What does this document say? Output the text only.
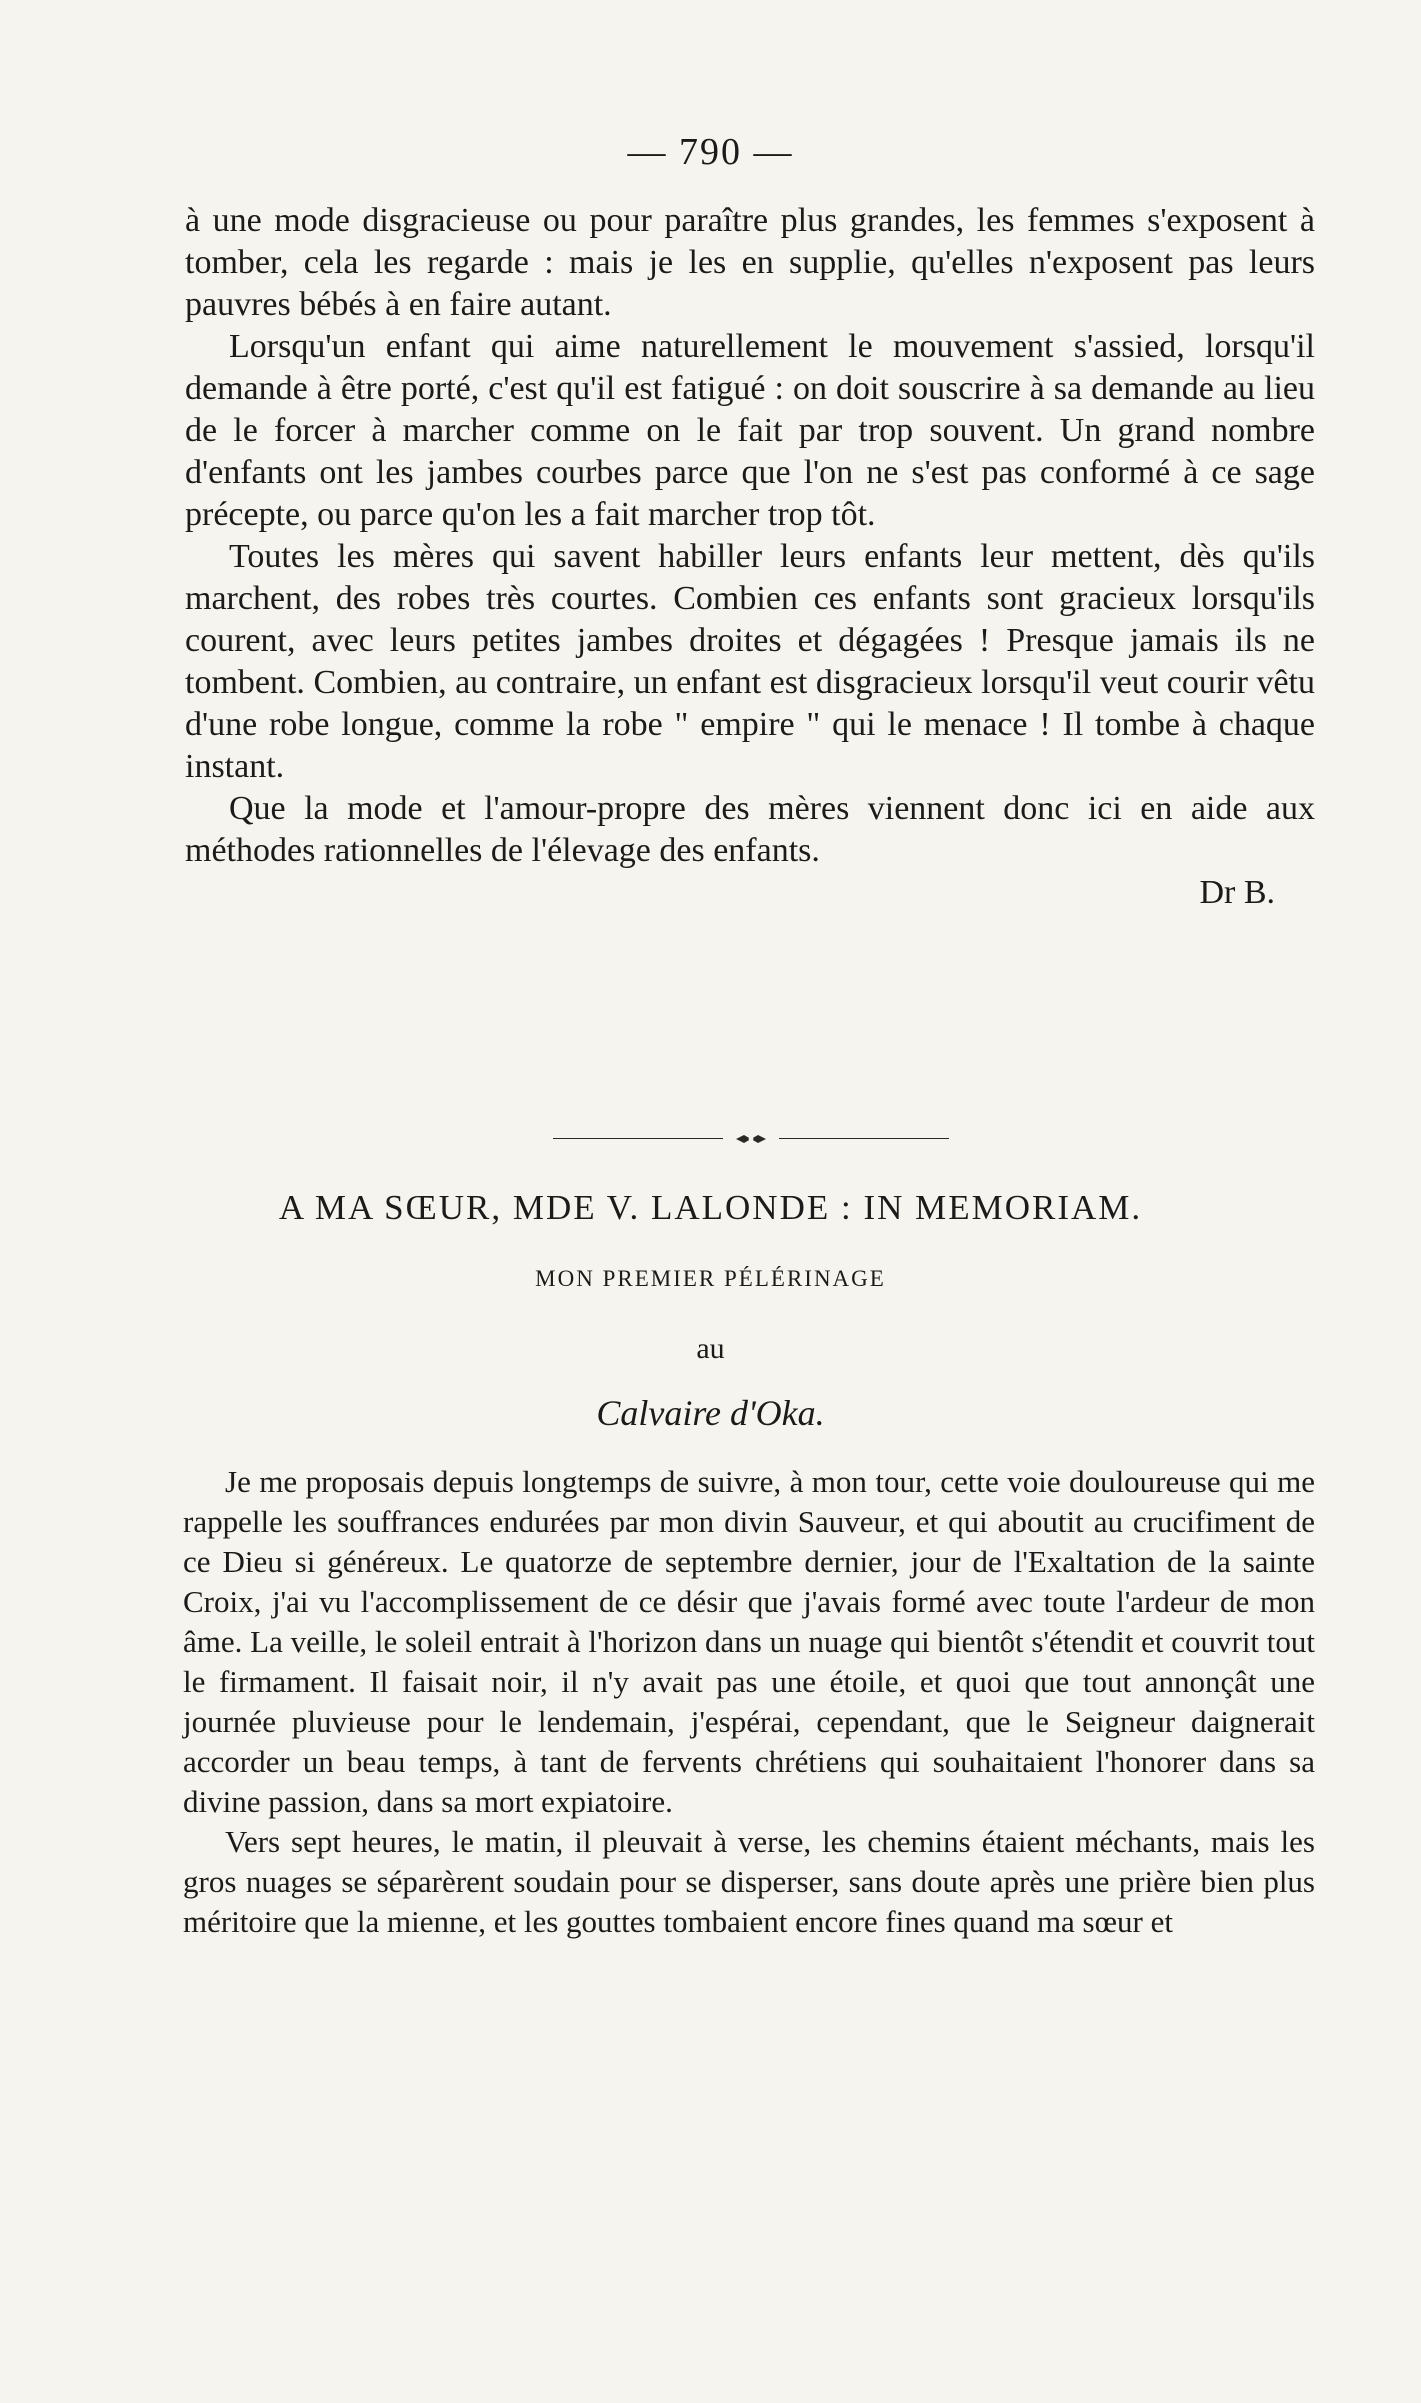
— 790 —

à une mode disgracieuse ou pour paraître plus grandes, les femmes s'exposent à tomber, cela les regarde : mais je les en supplie, qu'elles n'exposent pas leurs pauvres bébés à en faire autant.

Lorsqu'un enfant qui aime naturellement le mouvement s'assied, lorsqu'il demande à être porté, c'est qu'il est fatigué : on doit souscrire à sa demande au lieu de le forcer à marcher comme on le fait par trop souvent. Un grand nombre d'enfants ont les jambes courbes parce que l'on ne s'est pas conformé à ce sage précepte, ou parce qu'on les a fait marcher trop tôt.

Toutes les mères qui savent habiller leurs enfants leur mettent, dès qu'ils marchent, des robes très courtes. Combien ces enfants sont gracieux lorsqu'ils courent, avec leurs petites jambes droites et dégagées ! Presque jamais ils ne tombent. Combien, au contraire, un enfant est disgracieux lorsqu'il veut courir vêtu d'une robe longue, comme la robe " empire " qui le menace ! Il tombe à chaque instant.

Que la mode et l'amour-propre des mères viennent donc ici en aide aux méthodes rationnelles de l'élevage des enfants.

Dr B.
A MA SŒUR, MDE V. LALONDE : IN MEMORIAM.
MON PREMIER PÉLÉRINAGE
au
Calvaire d'Oka.

Je me proposais depuis longtemps de suivre, à mon tour, cette voie douloureuse qui me rappelle les souffrances endurées par mon divin Sauveur, et qui aboutit au crucifiment de ce Dieu si généreux. Le quatorze de septembre dernier, jour de l'Exaltation de la sainte Croix, j'ai vu l'accomplissement de ce désir que j'avais formé avec toute l'ardeur de mon âme. La veille, le soleil entrait à l'horizon dans un nuage qui bientôt s'étendit et couvrit tout le firmament. Il faisait noir, il n'y avait pas une étoile, et quoi que tout annonçât une journée pluvieuse pour le lendemain, j'espérai, cependant, que le Seigneur daignerait accorder un beau temps, à tant de fervents chrétiens qui souhaitaient l'honorer dans sa divine passion, dans sa mort expiatoire.

Vers sept heures, le matin, il pleuvait à verse, les chemins étaient méchants, mais les gros nuages se séparèrent soudain pour se disperser, sans doute après une prière bien plus méritoire que la mienne, et les gouttes tombaient encore fines quand ma sœur et
